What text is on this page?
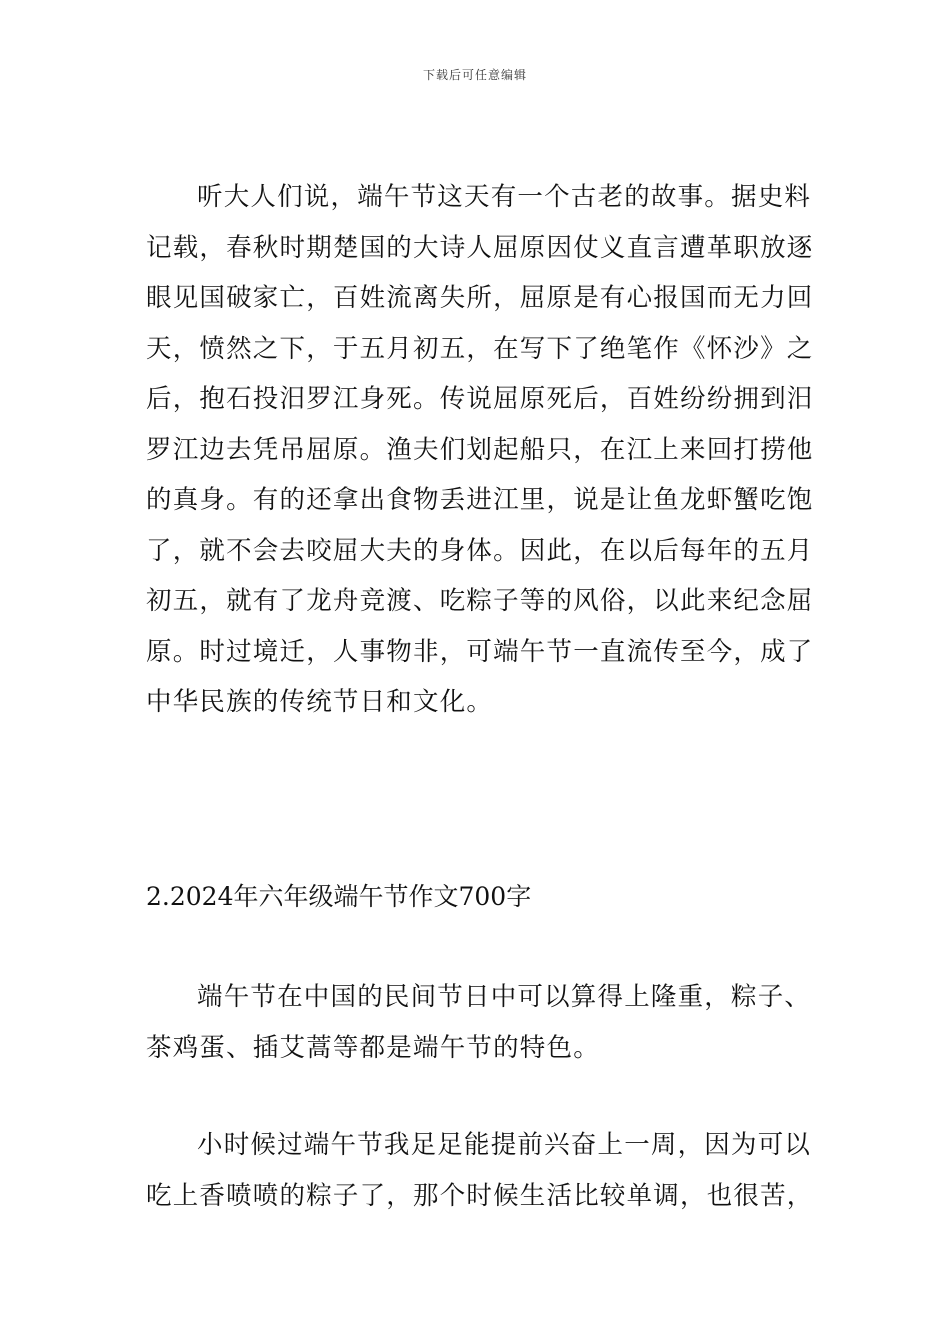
下载后可任意编辑

听大人们说，端午节这天有一个古老的故事。据史料
记载，春秋时期楚国的大诗人屈原因仗义直言遭革职放逐
眼见国破家亡，百姓流离失所，屈原是有心报国而无力回
天，愤然之下，于五月初五，在写下了绝笔作《怀沙》之
后，抱石投汨罗江身死。传说屈原死后，百姓纷纷拥到汨
罗江边去凭吊屈原。渔夫们划起船只，在江上来回打捞他
的真身。有的还拿出食物丢进江里，说是让鱼龙虾蟹吃饱
了，就不会去咬屈大夫的身体。因此，在以后每年的五月
初五，就有了龙舟竞渡、吃粽子等的风俗，以此来纪念屈
原。时过境迁，人事物非，可端午节一直流传至今，成了
中华民族的传统节日和文化。

2.2024年六年级端午节作文700字

端午节在中国的民间节日中可以算得上隆重，粽子、
茶鸡蛋、插艾蒿等都是端午节的特色。

小时候过端午节我足足能提前兴奋上一周，因为可以
吃上香喷喷的粽子了，那个时候生活比较单调，也很苦，
